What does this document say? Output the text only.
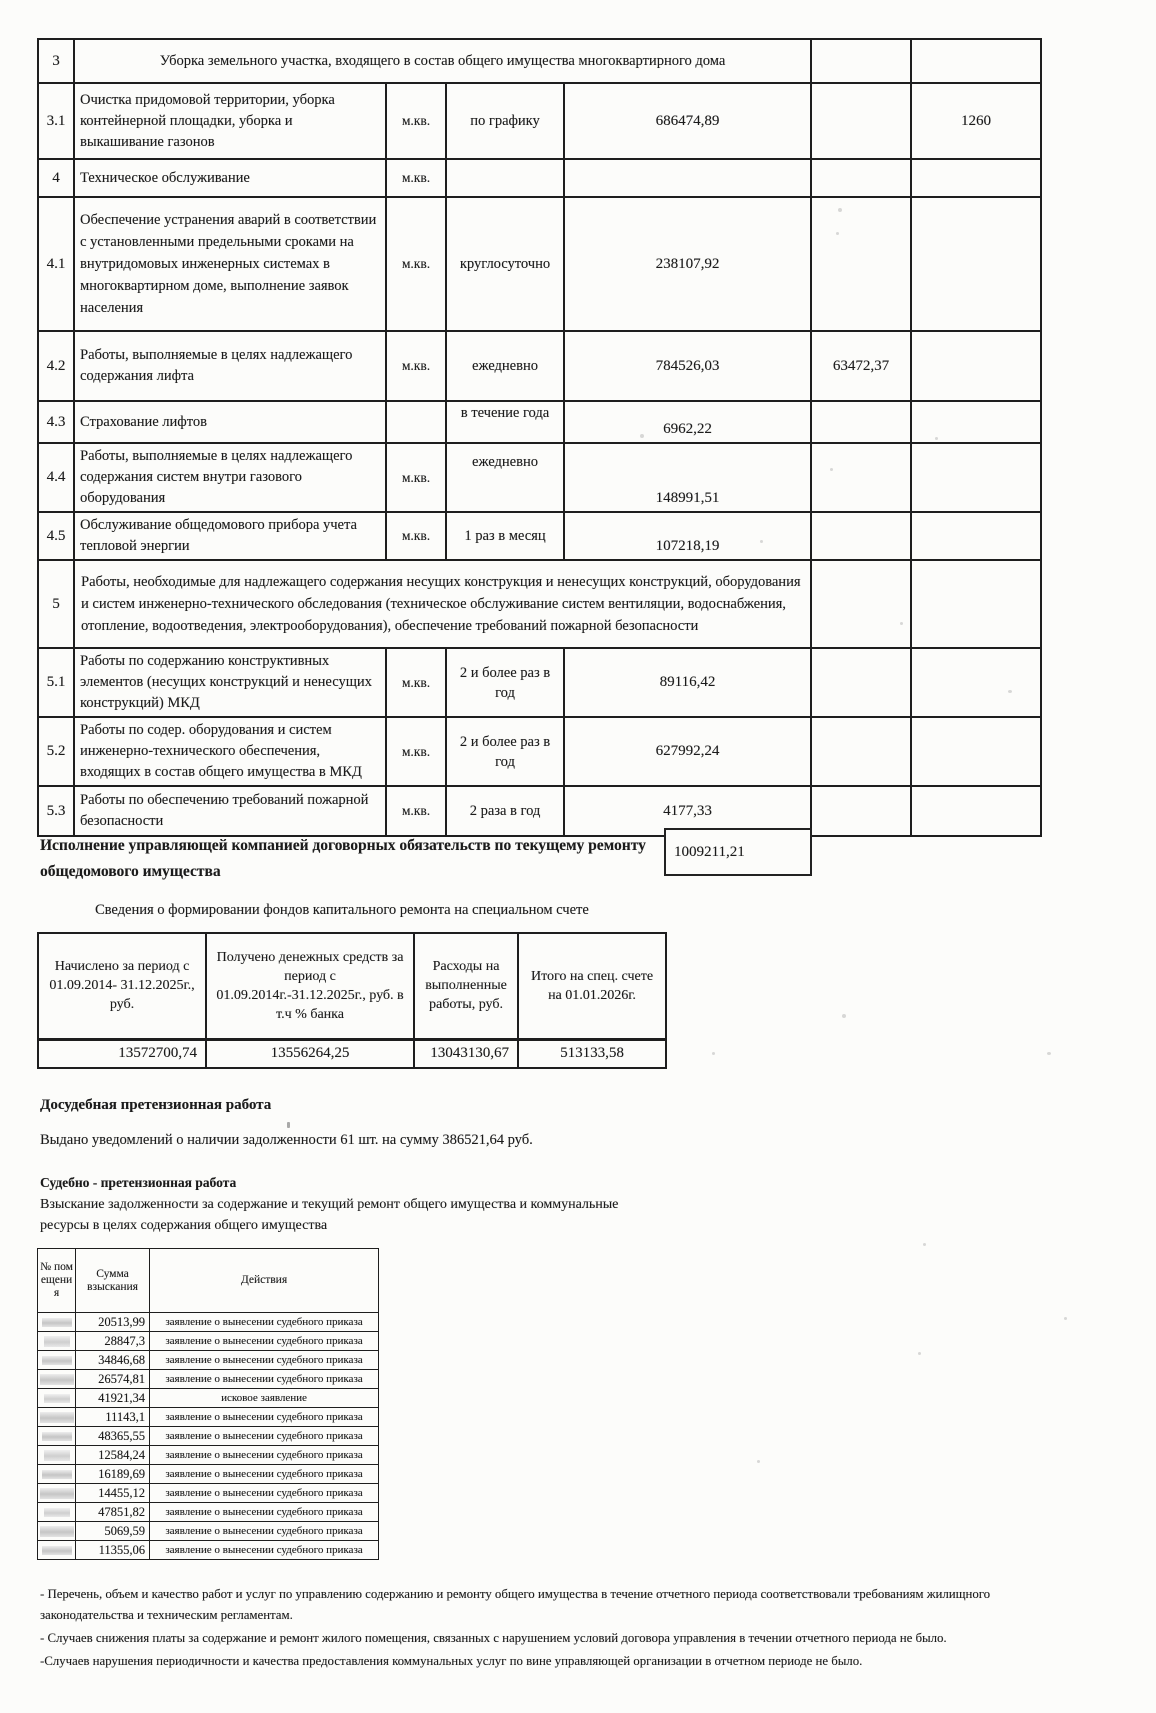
3	Уборка земельного участка, входящего в состав общего имущества многоквартирного дома					
3.1	Очистка придомовой территории, уборка контейнерной площадки, уборка и выкашивание газонов	м.кв.	по графику	686474,89		1260
4	Техническое обслуживание	м.кв.				
4.1	Обеспечение устранения аварий в соответствии с установленными предельными сроками на внутридомовых инженерных системах в многоквартирном доме, выполнение заявок населения	м.кв.	круглосуточно	238107,92		
4.2	Работы, выполняемые в целях надлежащего содержания лифта	м.кв.	ежедневно	784526,03	63472,37	
4.3	Страхование лифтов		в течение года	6962,22		
4.4	Работы, выполняемые в целях надлежащего содержания систем внутри газового оборудования	м.кв.	ежедневно	148991,51		
4.5	Обслуживание общедомового прибора учета тепловой энергии	м.кв.	1 раз в месяц	107218,19		
5	Работы, необходимые для надлежащего содержания несущих конструкция и ненесущих конструкций, оборудования и систем инженерно-технического обследования (техническое обслуживание систем вентиляции, водоснабжения, отопление, водоотведения, электрооборудования), обеспечение требований пожарной безопасности					
5.1	Работы по содержанию конструктивных элементов (несущих конструкций и ненесущих конструкций) МКД	м.кв.	2 и более раз в год	89116,42		
5.2	Работы по содер. оборудования и систем инженерно-технического обеспечения, входящих в состав общего имущества в МКД	м.кв.	2 и более раз в год	627992,24		
5.3	Работы по обеспечению требований пожарной безопасности	м.кв.	2 раза в год	4177,33		
Исполнение управляющей компанией договорных обязательств по текущему ремонту общедомового имущества
1009211,21
Сведения о формировании фондов капитального ремонта на специальном счете
Начислено за период с 01.09.2014- 31.12.2025г., руб.	Получено денежных средств за период с 01.09.2014г.-31.12.2025г., руб. в т.ч % банка	Расходы на выполненные работы, руб.	Итого на спец. счете на 01.01.2026г.
13572700,74	13556264,25	13043130,67	513133,58
Досудебная претензионная работа
Выдано уведомлений о наличии задолженности 61 шт. на сумму 386521,64 руб.
Судебно - претензионная работа
Взыскание задолженности за содержание и текущий ремонт общего имущества и коммунальные ресурсы в целях содержания общего имущества
№ помещения	Сумма взыскания	Действия

	20513,99	заявление о вынесении судебного приказа

	28847,3	заявление о вынесении судебного приказа

	34846,68	заявление о вынесении судебного приказа

	26574,81	заявление о вынесении судебного приказа

	41921,34	исковое заявление

	11143,1	заявление о вынесении судебного приказа

	48365,55	заявление о вынесении судебного приказа

	12584,24	заявление о вынесении судебного приказа

	16189,69	заявление о вынесении судебного приказа

	14455,12	заявление о вынесении судебного приказа

	47851,82	заявление о вынесении судебного приказа

	5069,59	заявление о вынесении судебного приказа

	11355,06	заявление о вынесении судебного приказа

- Перечень, объем и качество работ и услуг по управлению содержанию и ремонту общего имущества в течение отчетного периода соответствовали требованиям жилищного законодательства и техническим регламентам.

- Случаев снижения платы за содержание и ремонт жилого помещения, связанных с нарушением условий договора управления в течении отчетного периода не было.

-Случаев нарушения периодичности и качества предоставления коммунальных услуг по вине управляющей организации в отчетном периоде не было.
